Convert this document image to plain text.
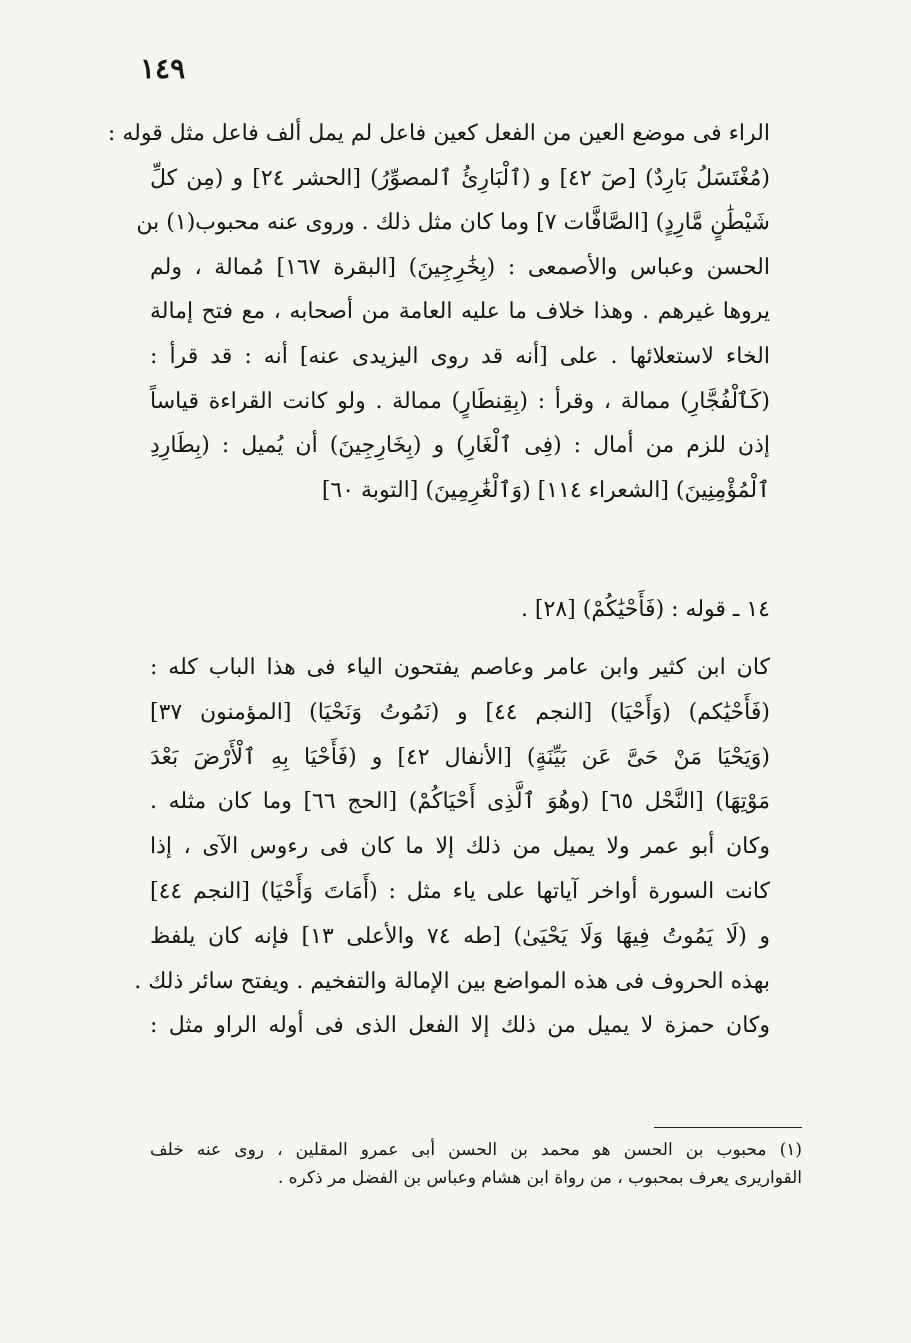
١٤٩
الراء فى موضع العين من الفعل كعين فاعل لم يمل ألف فاعل مثل قوله :
(مُغْتَسَلُ بَارِدٌ) [صٓ ٤٢] و (ٱلْبَارِئُ ٱلمصوِّرُ) [الحشر ٢٤] و (مِن كلِّ
شَيْطَٰنٍ مَّارِدٍ) [الصَّافَّات ٧] وما كان مثل ذلك . وروى عنه محبوب(١) بن
الحسن وعباس والأصمعى : (بِخَٰرِجِينَ) [البقرة ١٦٧] مُمالة ، ولم
يروها غيرهم . وهذا خلاف ما عليه العامة من أصحابه ، مع فتح إمالة
الخاء لاستعلائها . على [أنه قد روى اليزيدى عنه] أنه : قد قرأ :
(كَٱلْفُجَّارِ) ممالة ، وقرأ : (بِقِنطَارٍ) ممالة . ولو كانت القراءة قياساً
إذن للزم من أمال : (فِى ٱلْغَارِ) و (بِخَارِجِينَ) أن يُميل : (بِطَارِدِ
ٱلْمُؤْمِنِينَ) [الشعراء ١١٤] (وَٱلْغَٰرِمِينَ) [التوبة ٦٠]
١٤ ـ قوله : (فَأَحْيَٰكُمْ) [٢٨] .
كان ابن كثير وابن عامر وعاصم يفتحون الياء فى هذا الباب كله :
(فَأَحْيَٰكم) (وَأَحْيَا) [النجم ٤٤] و (نَمُوتُ وَنَحْيَا) [المؤمنون ٣٧]
(وَيَحْيَا مَنْ حَىَّ عَن بَيِّنَةٍ) [الأنفال ٤٢] و (فَأَحْيَا بِهِ ٱلْأَرْضَ بَعْدَ
مَوْتِهَا) [النَّحْل ٦٥] (وهُوَ ٱلَّذِى أَحْيَاكُمْ) [الحج ٦٦] وما كان مثله .
وكان أبو عمر ولا يميل من ذلك إلا ما كان فى رءوس الآى ، إذا
كانت السورة أواخر آياتها على ياء مثل : (أَمَاتَ وَأَحْيَا) [النجم ٤٤]
و (لَا يَمُوتُ فِيهَا وَلَا يَحْيَىٰ) [طه ٧٤ والأعلى ١٣] فإنه كان يلفظ
بهذه الحروف فى هذه المواضع بين الإمالة والتفخيم . ويفتح سائر ذلك .
وكان حمزة لا يميل من ذلك إلا الفعل الذى فى أوله الراو مثل :
(١) محبوب بن الحسن هو محمد بن الحسن أبى عمرو المقلين ، روى عنه خلف
القواريرى يعرف بمحبوب ، من رواة ابن هشام وعباس بن الفضل مر ذكره .
